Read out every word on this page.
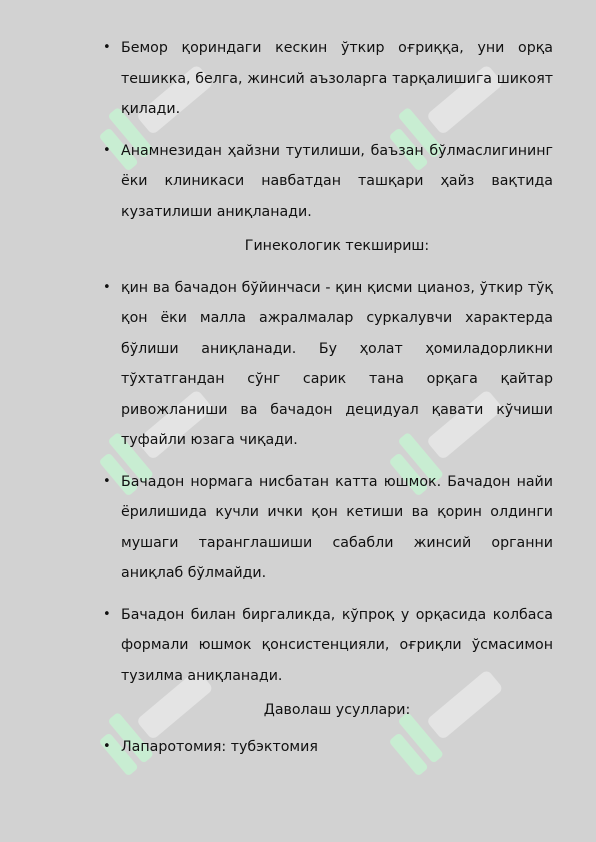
• Бемор қориндаги кескин ўткир оғриққа, уни орқа тешикка, белга, жинсий аъзоларга тарқалишига шикоят қилади.
• Анамнезидан ҳайзни тутилиши, баъзан бўлмаслигининг ёки клиникаси навбатдан ташқари ҳайз вақтида кузатилиши аниқланади.
Гинекологик текшириш:
• қин ва бачадон бўйинчаси - қин қисми цианоз, ўткир тўқ қон ёки малла ажралмалар суркалувчи характерда бўлиши аниқланади. Бу ҳолат ҳомиладорликни тўхтатгандан сўнг сарик тана орқага қайтар ривожланиши ва бачадон децидуал қавати кўчиши туфайли юзага чиқади.
• Бачадон нормага нисбатан катта юшмок. Бачадон найи ёрилишида кучли ички қон кетиши ва қорин олдинги мушаги таранглашиши сабабли жинсий органни аниқлаб бўлмайди.
• Бачадон билан биргаликда, кўпроқ у орқасида колбаса формали юшмок қонсистенцияли, оғриқли ўсмасимон тузилма аниқланади.
Даволаш усуллари:
• Лапаротомия: тубэктомия
